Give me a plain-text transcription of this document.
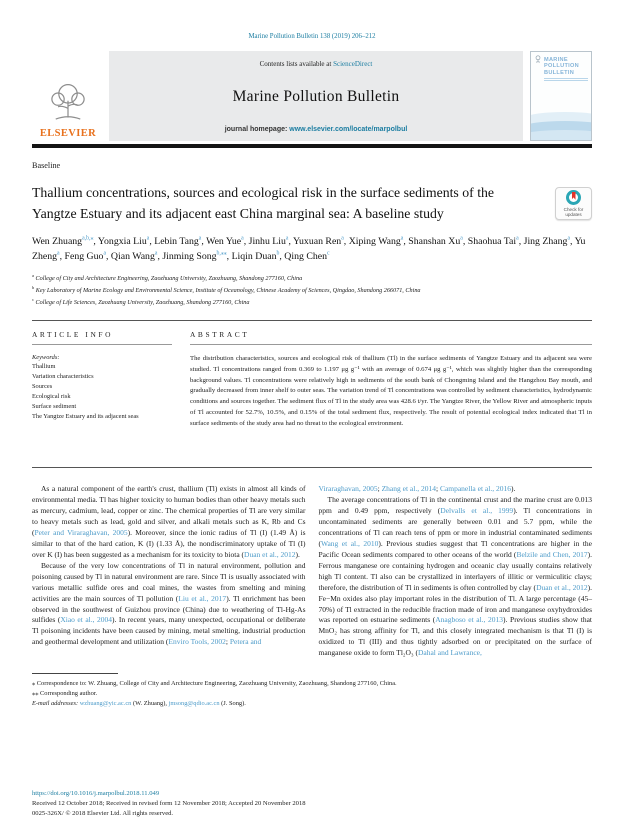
Marine Pollution Bulletin 138 (2019) 206–212
ELSEVIER
Contents lists available at ScienceDirect
Marine Pollution Bulletin
journal homepage: www.elsevier.com/locate/marpolbul
MARINE POLLUTION BULLETIN
Baseline
Thallium concentrations, sources and ecological risk in the surface sediments of the Yangtze Estuary and its adjacent east China marginal sea: A baseline study	Check for updates
Wen Zhuang$^{a,b,⁎}$, Yongxia Liu$^a$, Lebin Tang$^a$, Wen Yue$^a$, Jinhu Liu$^a$, Yuxuan Ren$^a$, Xiping Wang$^a$, Shanshan Xu$^a$, Shaohua Tai$^a$, Jing Zhang$^a$, Yu Zheng$^a$, Feng Guo$^a$, Qian Wang$^a$, Jinming Song$^{b,⁎⁎}$, Liqin Duan$^b$, Qing Chen$^c$
$^a$ College of City and Architecture Engineering, Zaozhuang University, Zaozhuang, Shandong 277160, China
$^b$ Key Laboratory of Marine Ecology and Environmental Science, Institute of Oceanology, Chinese Academy of Sciences, Qingdao, Shandong 266071, China
$^c$ College of Life Sciences, Zaozhuang University, Zaozhuang, Shandong 277160, China
ARTICLE INFO
Keywords:
Thallium
Variation characteristics
Sources
Ecological risk
Surface sediment
The Yangtze Estuary and its adjacent seas
ABSTRACT
The distribution characteristics, sources and ecological risk of thallium (Tl) in the surface sediments of Yangtze Estuary and its adjacent sea were studied. Tl concentrations ranged from 0.369 to 1.197 μg g⁻¹ with an average of 0.674 μg g⁻¹, which was slightly higher than the corresponding background values. Tl concentrations were relatively high in sediments of the south bank of Chongming Island and the Hangzhou Bay mouth, and gradually decreased from inner shelf to outer seas. The variation trend of Tl concentrations was controlled by sediment characteristics, hydrodynamic conditions and sources together. The sediment flux of Tl in the study area was 428.6 t/yr. The Yangtze River, the Yellow River and atmospheric inputs of Tl accounted for 52.7%, 10.5%, and 0.15% of the total sediment flux, respectively. The result of potential ecological index indicated that Tl in surface sediments of the study area had no threat to the ecological environment.

As a natural component of the earth's crust, thallium (Tl) exists in almost all kinds of environmental media. Tl has higher toxicity to human bodies than other heavy metals such as mercury, cadmium, lead, copper or zinc. The chemical properties of Tl are very similar to heavy metals such as lead, gold and silver, and alkali metals such as K, Rb and Cs (Peter and Viraraghavan, 2005). Moreover, since the ionic radius of Tl (I) (1.49 Å) is similar to that of the hard cation, K (I) (1.33 Å), the nondiscriminatory uptake of Tl (I) over K (I) has been suggested as a mechanism for its toxicity to biota (Duan et al., 2012).

Because of the very low concentrations of Tl in natural environment, pollution and poisoning caused by Tl in natural environment are rare. Since Tl is usually associated with various metallic sulfide ores and coal mines, the wastes from smelting and mining activities are the main sources of Tl pollution (Liu et al., 2017). Tl enrichment has been observed in the southwest of Guizhou province (China) due to weathering of Tl-Hg-As sulfides (Xiao et al., 2004). In recent years, many unexpected, occupational or deliberate Tl poisoning incidents have been caused by mining, metal smelting, industrial production and geothermal development and utilization (Enviro Tools, 2002; Petera and

Viraraghavan, 2005; Zhang et al., 2014; Campanella et al., 2016).

The average concentrations of Tl in the continental crust and the marine crust are 0.013 ppm and 0.49 ppm, respectively (Delvalls et al., 1999). Tl concentrations in uncontaminated sediments are generally between 0.01 and 5.7 ppm, while the concentrations of Tl can reach tens of ppm or more in industrial contaminated sediments (Wang et al., 2010). Previous studies suggest that Tl concentrations are higher in the Pacific Ocean sediments compared to other oceans of the world (Belzile and Chen, 2017). Ferrous manganese ore containing hydrogen and oceanic clay usually contains relatively high Tl content. Tl also can be crystallized in interlayers of illitic or vermiculitic clays; therefore, the distribution of Tl in sediments is often controlled by clay (Duan et al., 2012). Fe−Mn oxides also play important roles in the distribution of Tl. A large percentage (45–70%) of Tl extracted in the reducible fraction made of iron and manganese oxyhydroxides was reported on estuarine sediments (Anagboso et al., 2013). Previous studies show that MnO₂ has strong affinity for Tl, and this closely integrated mechanism is that Tl (I) is oxidized to Tl (III) and thus tightly adsorbed on or precipitated on the surface of manganese oxide to form Tl₂O₃ (Dahal and Lawrance,

⁎ Correspondence to: W. Zhuang, College of City and Architecture Engineering, Zaozhuang University, Zaozhuang, Shandong 277160, China.
⁎⁎ Corresponding author.
E-mail addresses: wzhuang@yic.ac.cn (W. Zhuang), jmsong@qdio.ac.cn (J. Song).
https://doi.org/10.1016/j.marpolbul.2018.11.049
Received 12 October 2018; Received in revised form 12 November 2018; Accepted 20 November 2018
0025-326X/ © 2018 Elsevier Ltd. All rights reserved.
